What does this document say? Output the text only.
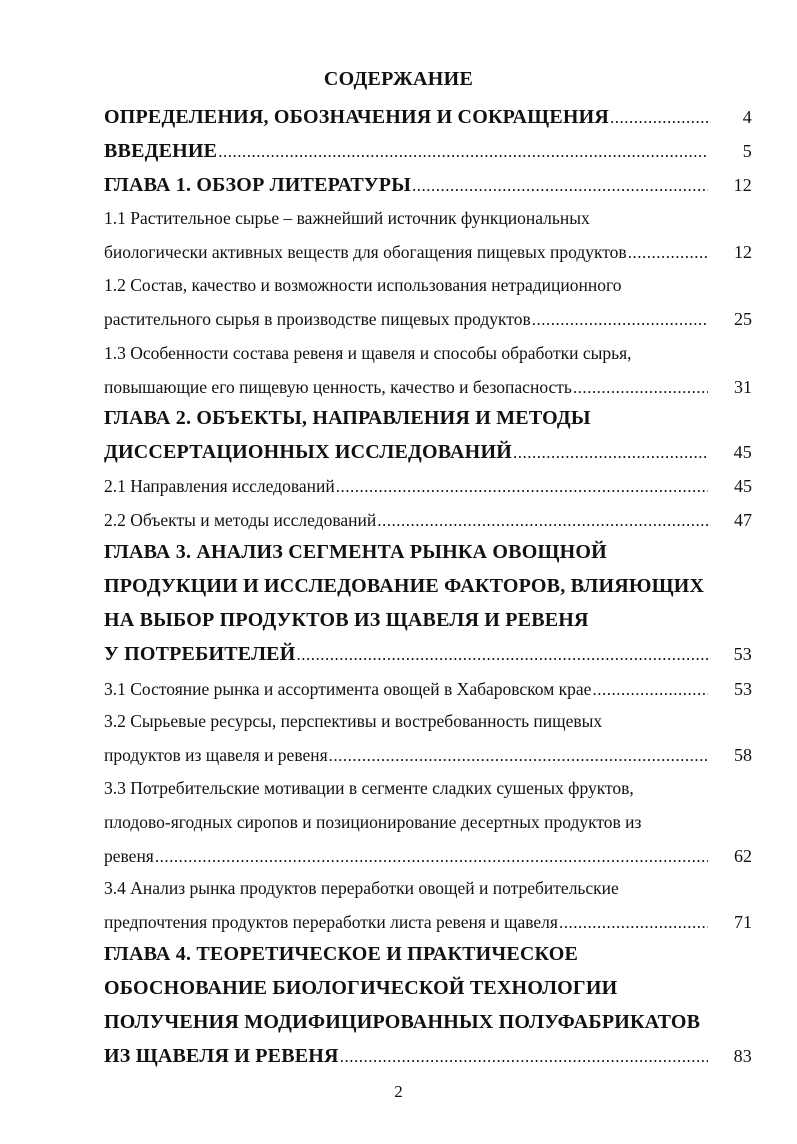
СОДЕРЖАНИЕ
ОПРЕДЕЛЕНИЯ, ОБОЗНАЧЕНИЯ И СОКРАЩЕНИЯ .....	4
ВВЕДЕНИЕ .....	5
ГЛАВА 1. ОБЗОР ЛИТЕРАТУРЫ .....	12
1.1 Растительное сырье – важнейший источник функциональных
биологически активных веществ для обогащения пищевых продуктов .....	12
1.2 Состав, качество и возможности использования нетрадиционного
растительного сырья в производстве пищевых продуктов .....	25
1.3 Особенности состава ревеня и щавеля и способы обработки сырья,
повышающие его пищевую ценность, качество и безопасность .....	31
ГЛАВА 2. ОБЪЕКТЫ, НАПРАВЛЕНИЯ И МЕТОДЫ
ДИССЕРТАЦИОННЫХ ИССЛЕДОВАНИЙ .....	45
2.1 Направления исследований .....	45
2.2 Объекты и методы исследований .....	47
ГЛАВА 3. АНАЛИЗ СЕГМЕНТА РЫНКА ОВОЩНОЙ
ПРОДУКЦИИ И ИССЛЕДОВАНИЕ ФАКТОРОВ, ВЛИЯЮЩИХ
НА ВЫБОР ПРОДУКТОВ ИЗ ЩАВЕЛЯ И РЕВЕНЯ
У ПОТРЕБИТЕЛЕЙ .....	53
3.1 Состояние рынка и ассортимента овощей в Хабаровском крае .....	53
3.2 Сырьевые ресурсы, перспективы и востребованность пищевых
продуктов из щавеля и ревеня .....	58
3.3 Потребительские мотивации в сегменте сладких сушеных фруктов,
плодово-ягодных сиропов и позиционирование десертных продуктов из
ревеня .....	62
3.4 Анализ рынка продуктов переработки овощей и потребительские
предпочтения продуктов переработки листа ревеня и щавеля .....	71
ГЛАВА 4. ТЕОРЕТИЧЕСКОЕ И ПРАКТИЧЕСКОЕ
ОБОСНОВАНИЕ БИОЛОГИЧЕСКОЙ ТЕХНОЛОГИИ
ПОЛУЧЕНИЯ МОДИФИЦИРОВАННЫХ ПОЛУФАБРИКАТОВ
ИЗ ЩАВЕЛЯ И РЕВЕНЯ .....	83
2
